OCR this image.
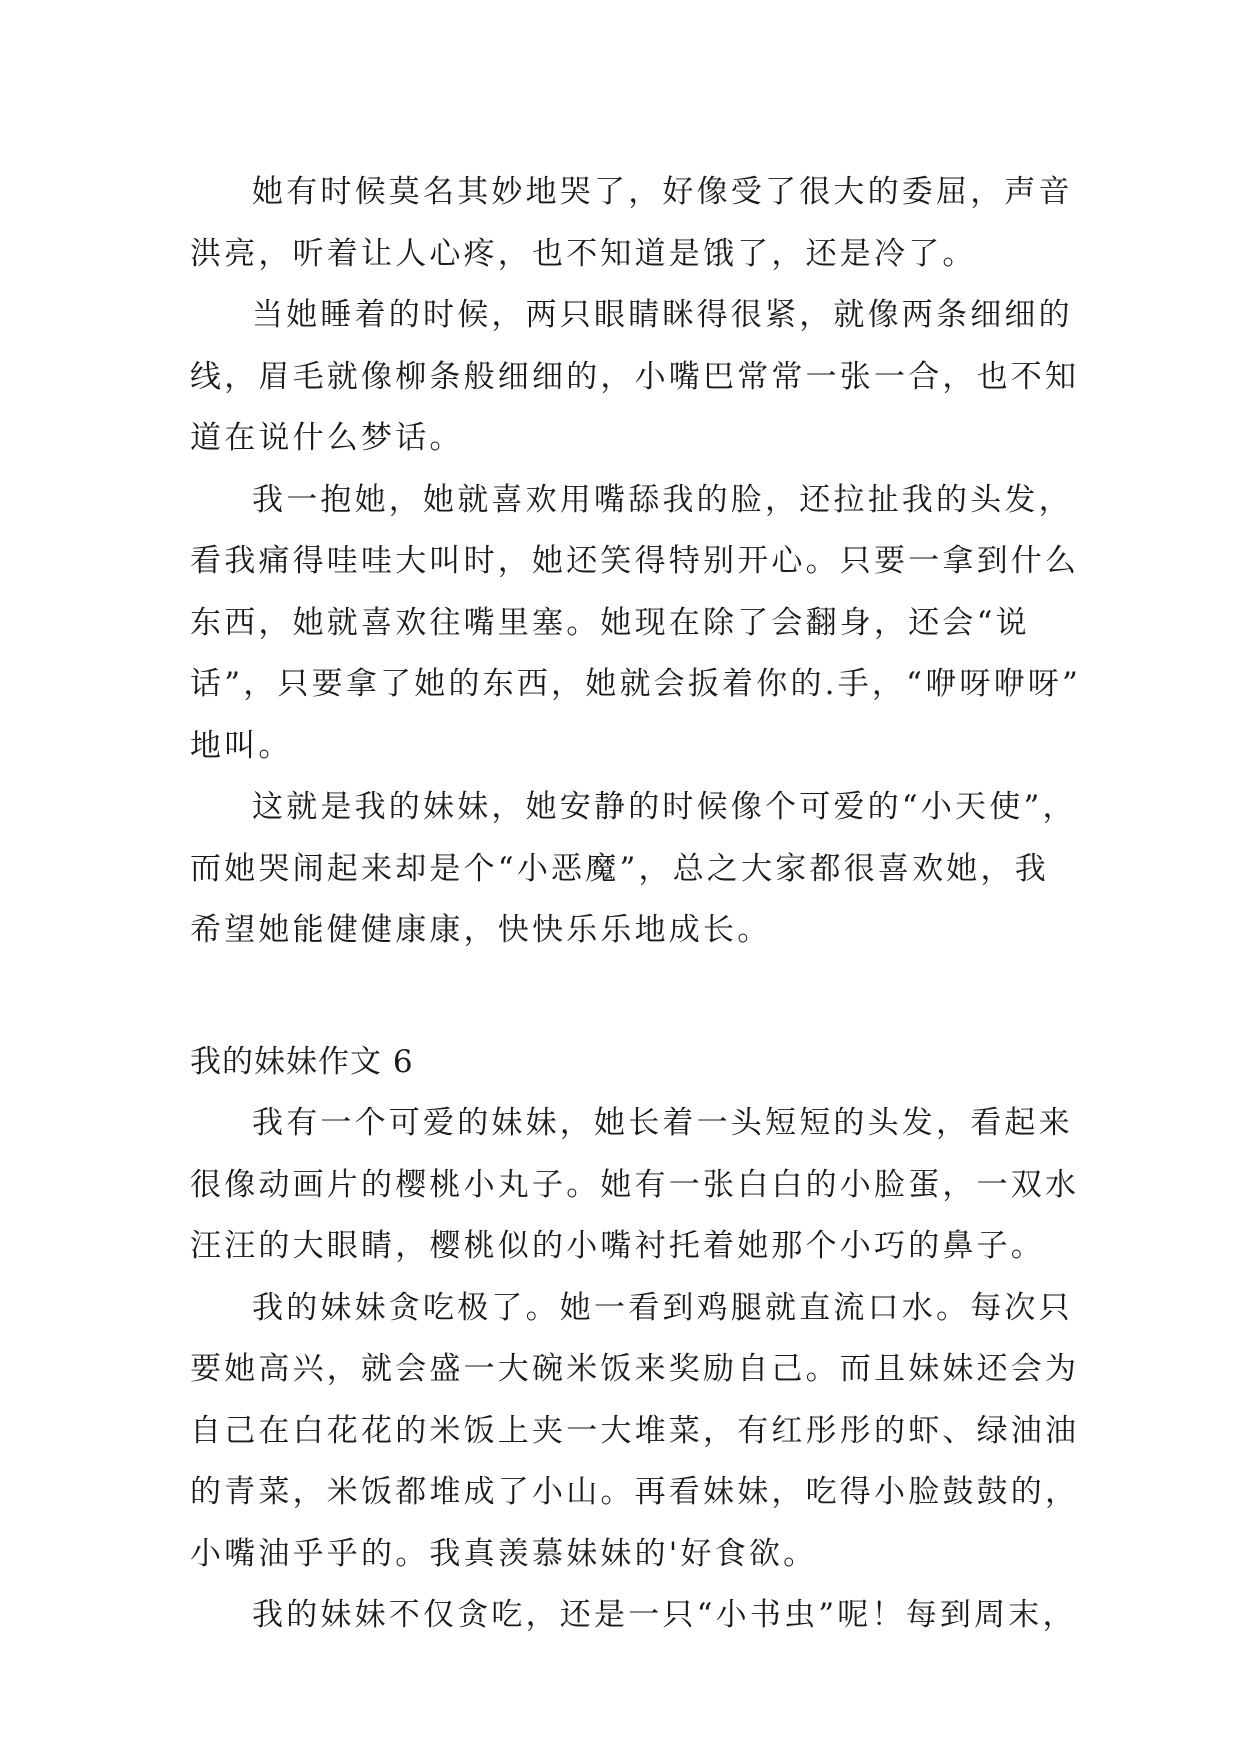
她有时候莫名其妙地哭了，好像受了很大的委屈，声音
洪亮，听着让人心疼，也不知道是饿了，还是冷了。
当她睡着的时候，两只眼睛眯得很紧，就像两条细细的
线，眉毛就像柳条般细细的，小嘴巴常常一张一合，也不知
道在说什么梦话。
我一抱她，她就喜欢用嘴舔我的脸，还拉扯我的头发，
看我痛得哇哇大叫时，她还笑得特别开心。只要一拿到什么
东西，她就喜欢往嘴里塞。她现在除了会翻身，还会“说
话”，只要拿了她的东西，她就会扳着你的.手，“咿呀咿呀”
地叫。
这就是我的妹妹，她安静的时候像个可爱的“小天使”，
而她哭闹起来却是个“小恶魔”，总之大家都很喜欢她，我
希望她能健健康康，快快乐乐地成长。
我的妹妹作文 6
我有一个可爱的妹妹，她长着一头短短的头发，看起来
很像动画片的樱桃小丸子。她有一张白白的小脸蛋，一双水
汪汪的大眼睛，樱桃似的小嘴衬托着她那个小巧的鼻子。
我的妹妹贪吃极了。她一看到鸡腿就直流口水。每次只
要她高兴，就会盛一大碗米饭来奖励自己。而且妹妹还会为
自己在白花花的米饭上夹一大堆菜，有红彤彤的虾、绿油油
的青菜，米饭都堆成了小山。再看妹妹，吃得小脸鼓鼓的，
小嘴油乎乎的。我真羡慕妹妹的'好食欲。
我的妹妹不仅贪吃，还是一只“小书虫”呢！每到周末，
